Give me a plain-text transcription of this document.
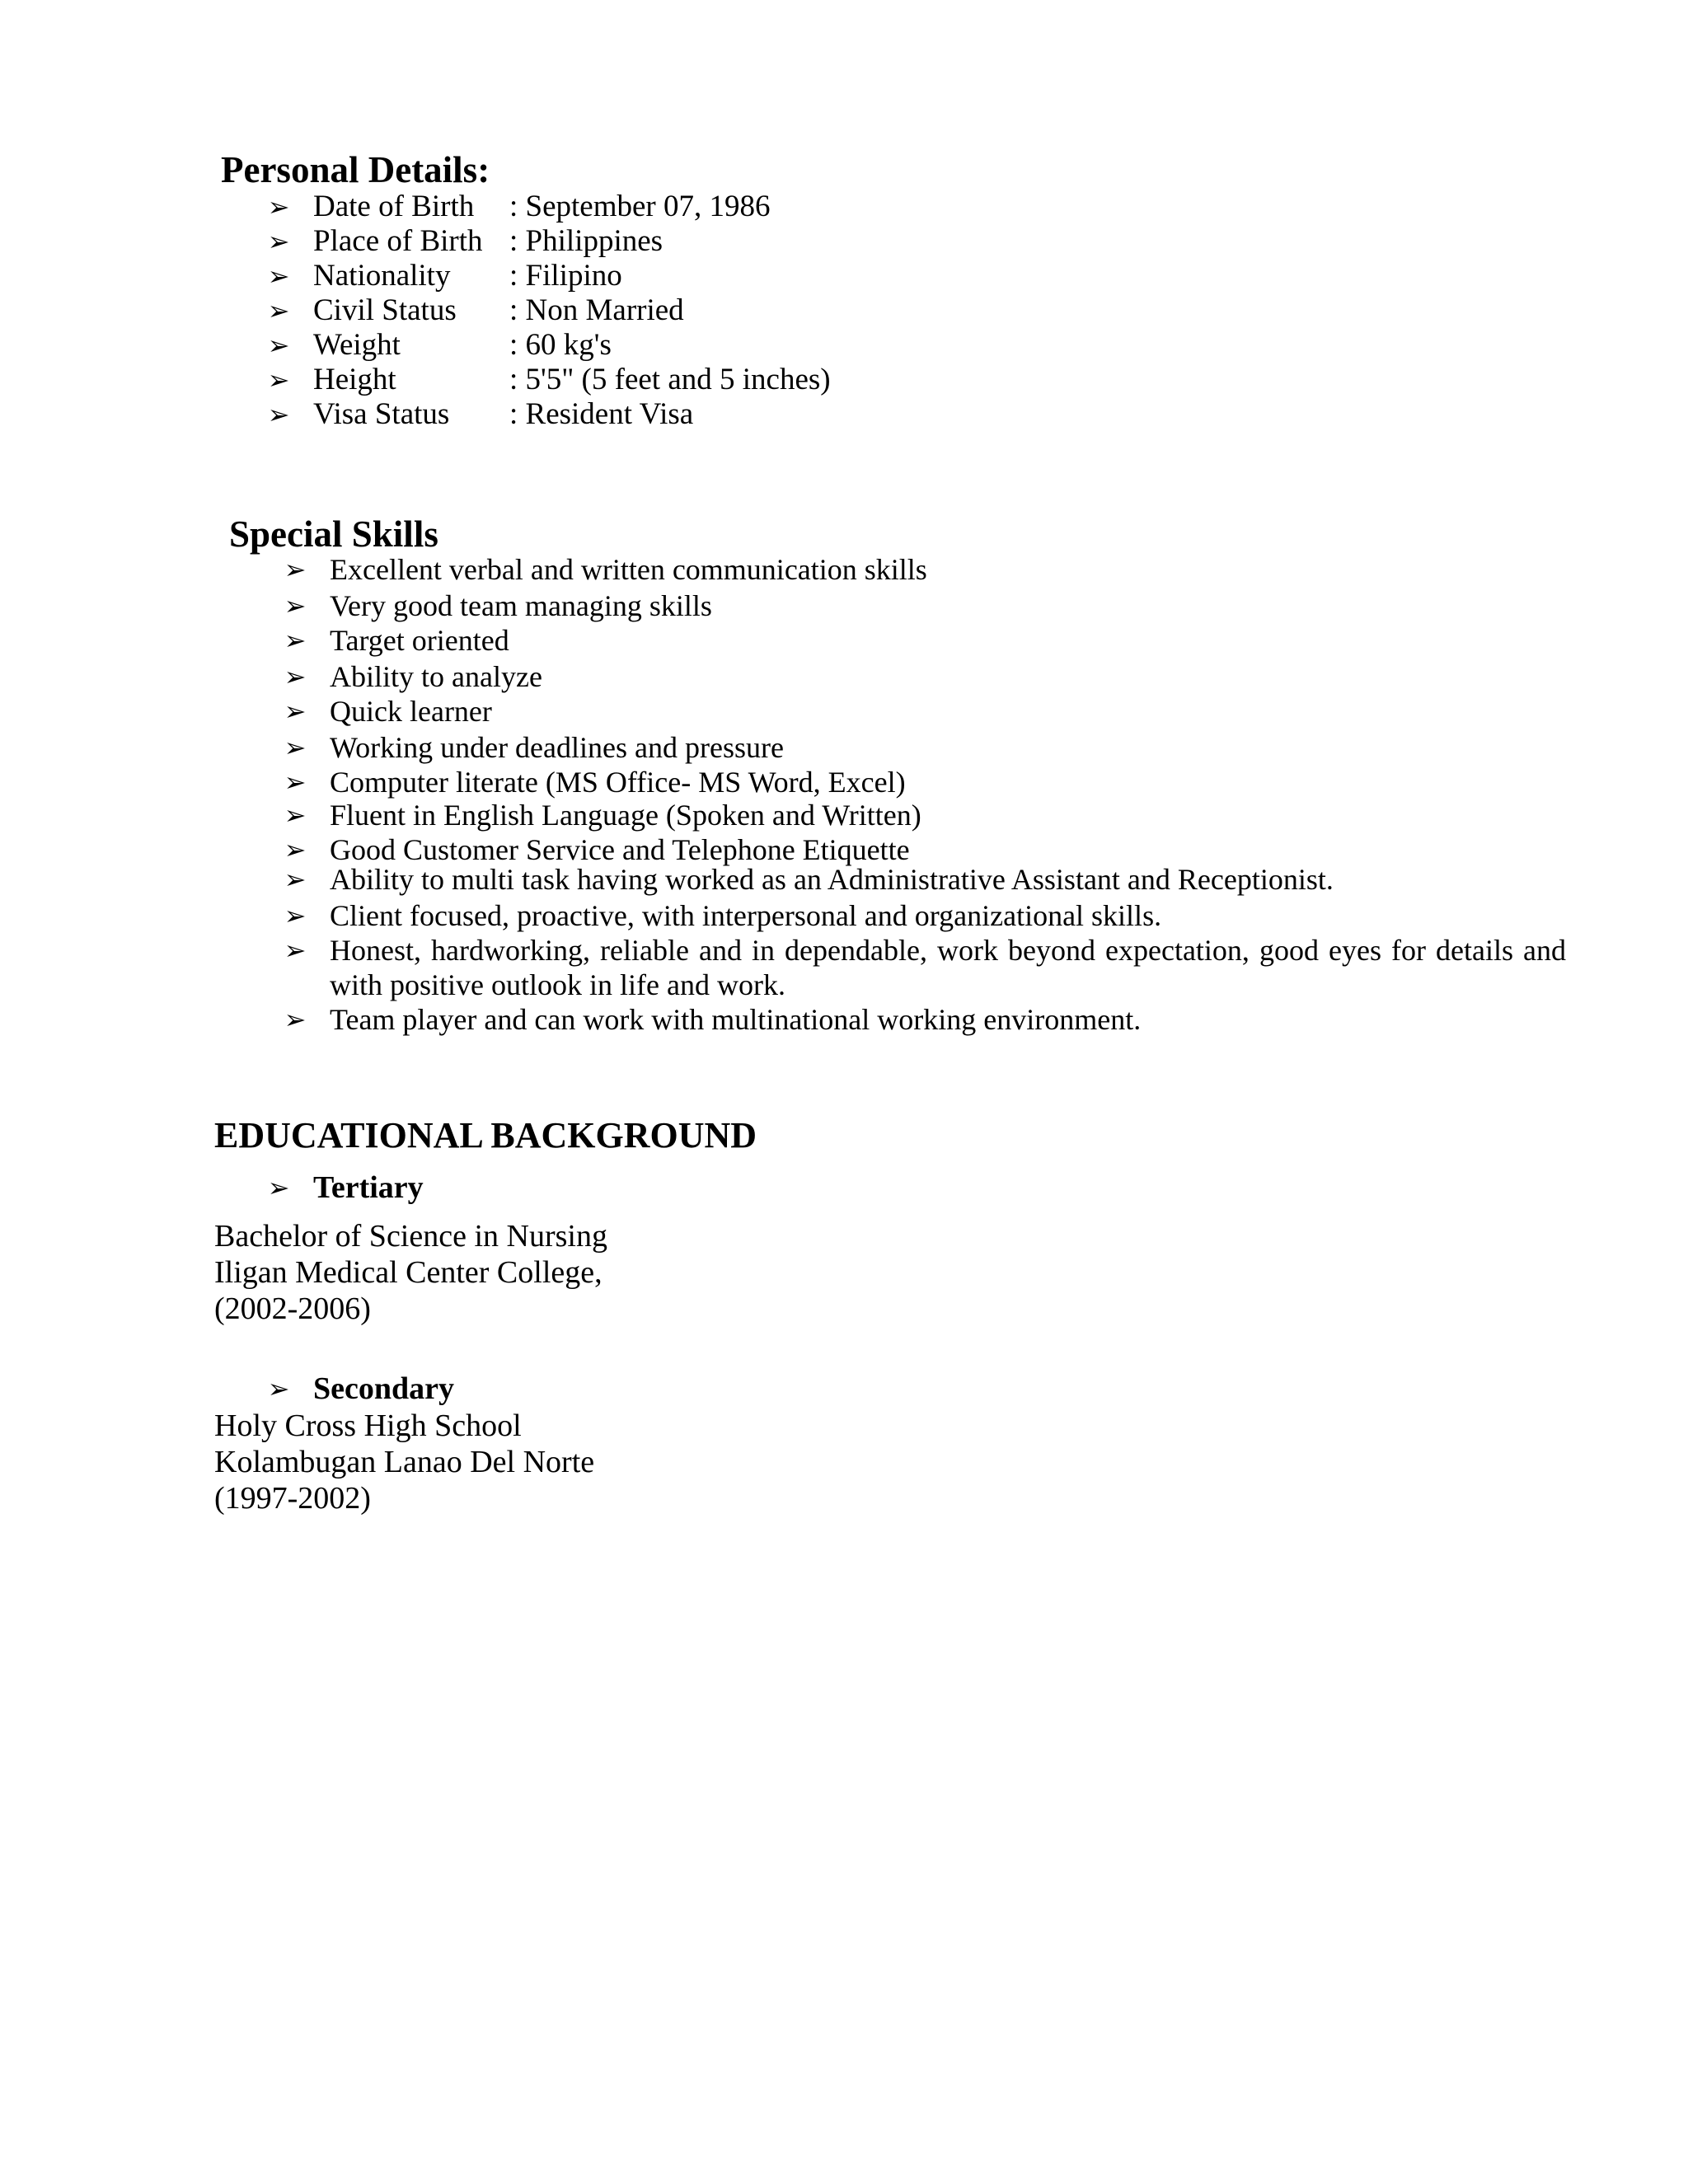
Personal Details:
➢ Date of Birth : September 07, 1986
➢ Place of Birth : Philippines
➢ Nationality : Filipino
➢ Civil Status : Non Married
➢ Weight	: 60 kg's
➢ Height	: 5'5" (5 feet and 5 inches)
➢ Visa Status : Resident Visa
Special Skills
➢ Excellent verbal and written communication skills
➢ Very good team managing skills
➢ Target oriented
➢ Ability to analyze
➢ Quick learner
➢ Working under deadlines and pressure
➢ Computer literate (MS Office- MS Word, Excel)
➢ Fluent in English Language (Spoken and Written)
➢ Good Customer Service and Telephone Etiquette
➢ Ability to multi task having worked as an Administrative Assistant and Receptionist.
➢ Client focused, proactive, with interpersonal and organizational skills.
➢ Honest, hardworking, reliable and in dependable, work beyond expectation, good eyes for details and with positive outlook in life and work.
➢ Team player and can work with multinational working environment.
EDUCATIONAL BACKGROUND
➢ Tertiary
Bachelor of Science in Nursing
Iligan Medical Center College,
(2002-2006)
➢ Secondary
Holy Cross High School
Kolambugan Lanao Del Norte
(1997-2002)
